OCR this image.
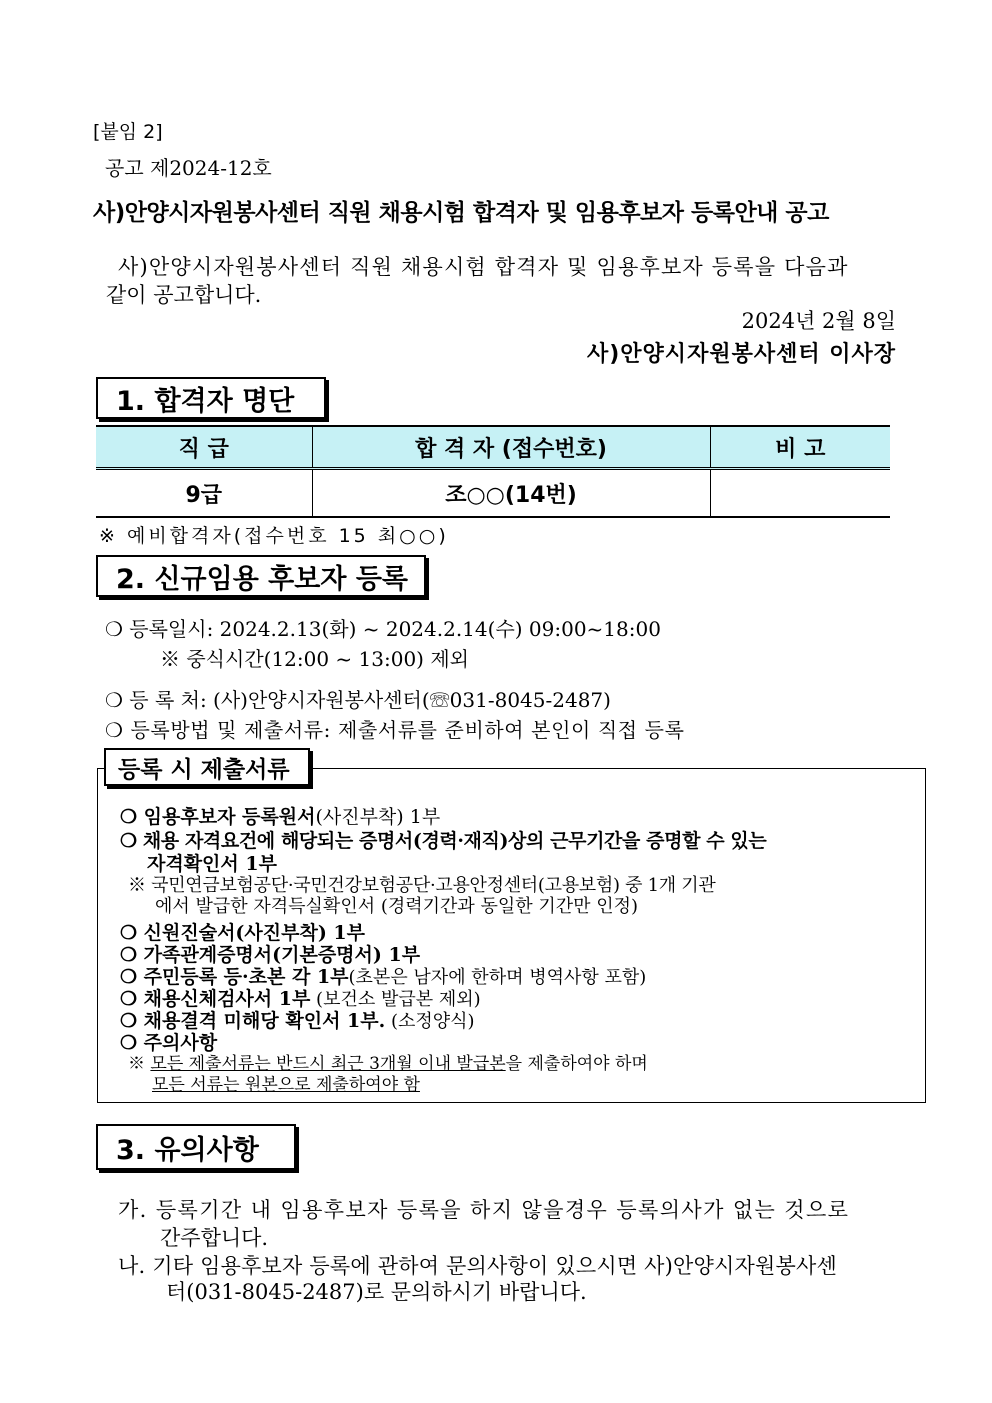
[붙임 2]
공고 제2024-12호
사)안양시자원봉사센터 직원 채용시험 합격자 및 임용후보자 등록안내 공고
사)안양시자원봉사센터 직원 채용시험 합격자 및 임용후보자 등록을 다음과
같이 공고합니다.
2024년 2월 8일
사)안양시자원봉사센터 이사장
1. 합격자 명단
직 급	합 격 자 (접수번호)	비 고
9급	조○○(14번)	
※ 예비합격자(접수번호 15 최○○)
2. 신규임용 후보자 등록
❍ 등록일시: 2024.2.13(화) ~ 2024.2.14(수) 09:00~18:00
※ 중식시간(12:00 ~ 13:00) 제외
❍ 등 록 처: (사)안양시자원봉사센터(☏031-8045-2487)
❍ 등록방법 및 제출서류: 제출서류를 준비하여 본인이 직접 등록
등록 시 제출서류
❍ 임용후보자 등록원서(사진부착) 1부
❍ 채용 자격요건에 해당되는 증명서(경력·재직)상의 근무기간을 증명할 수 있는
자격확인서 1부
※ 국민연금보험공단·국민건강보험공단·고용안정센터(고용보험) 중 1개 기관
에서 발급한 자격득실확인서 (경력기간과 동일한 기간만 인정)
❍ 신원진술서(사진부착) 1부
❍ 가족관계증명서(기본증명서) 1부
❍ 주민등록 등·초본 각 1부(초본은 남자에 한하며 병역사항 포함)
❍ 채용신체검사서 1부 (보건소 발급본 제외)
❍ 채용결격 미해당 확인서 1부. (소정양식)
❍ 주의사항
※ 모든 제출서류는 반드시 최근 3개월 이내 발급본을 제출하여야 하며
모든 서류는 원본으로 제출하여야 함
3. 유의사항
가. 등록기간 내 임용후보자 등록을 하지 않을경우 등록의사가 없는 것으로
간주합니다.
나. 기타 임용후보자 등록에 관하여 문의사항이 있으시면 사)안양시자원봉사센
터(031-8045-2487)로 문의하시기 바랍니다.
